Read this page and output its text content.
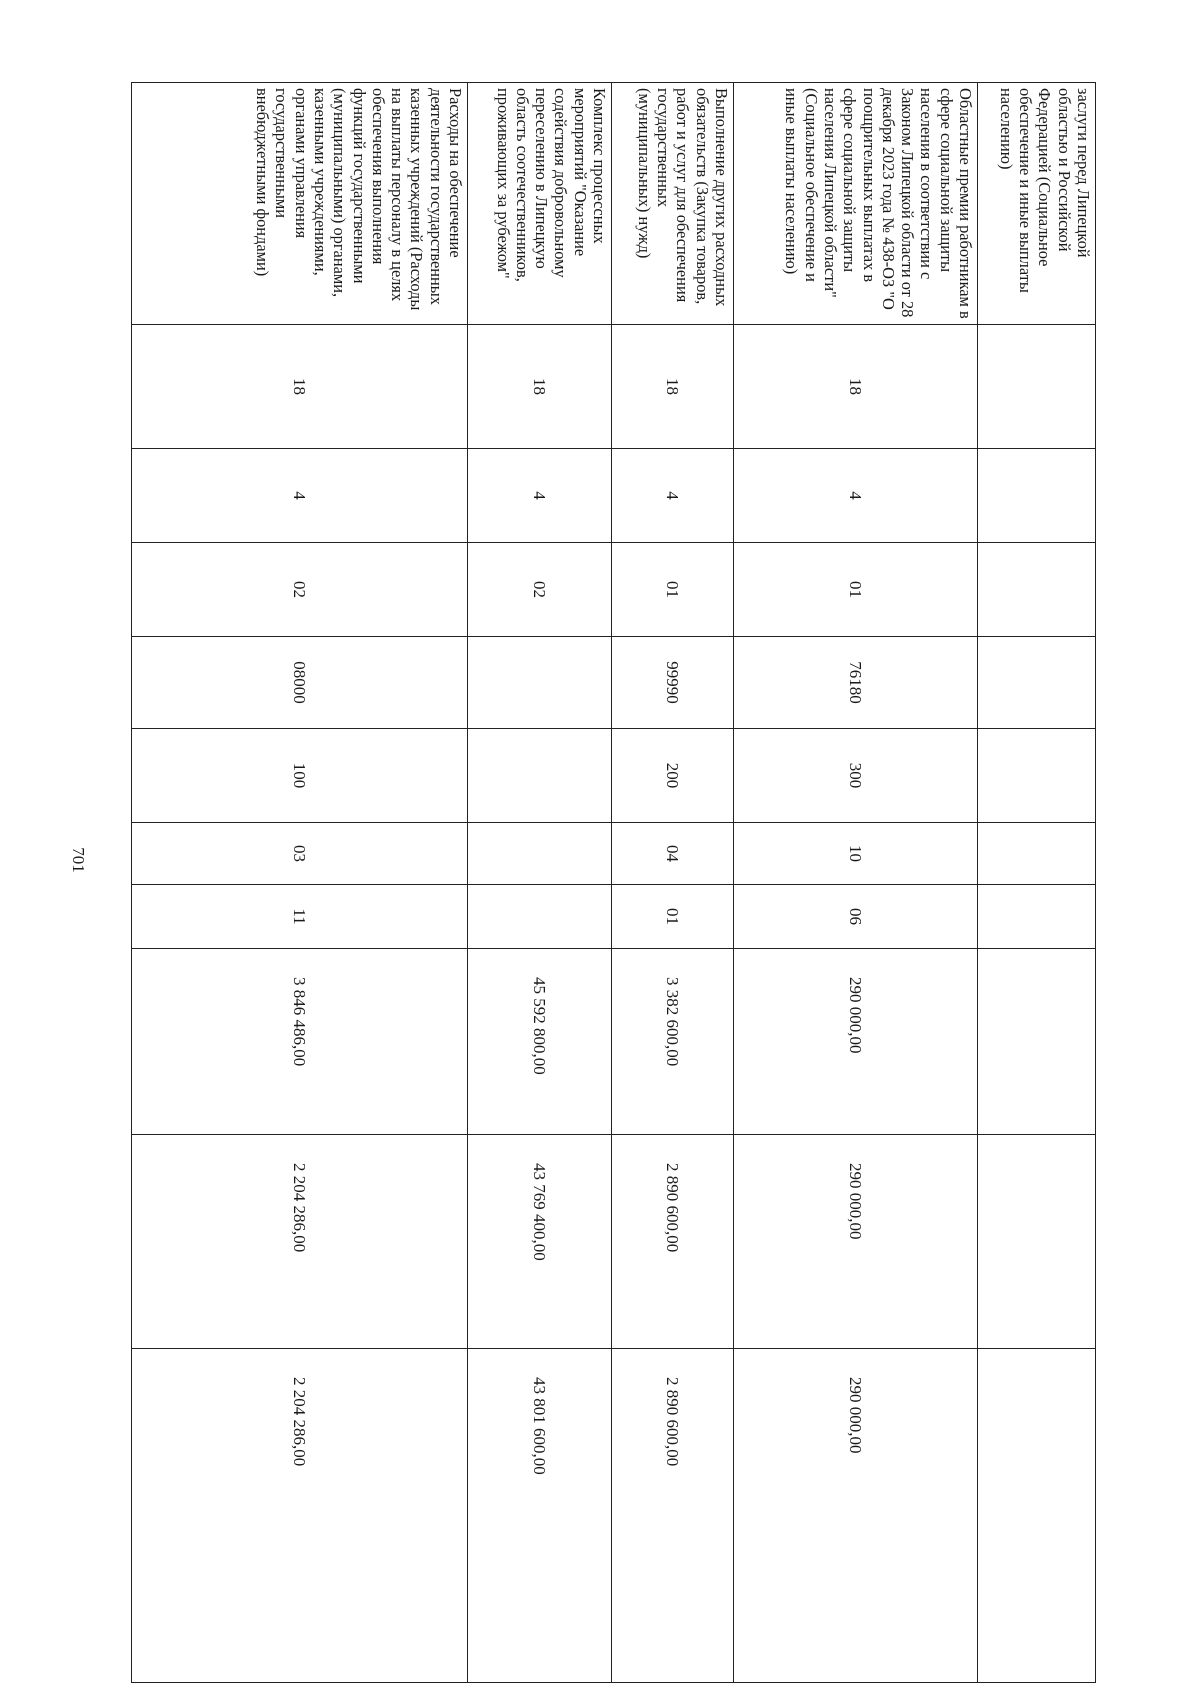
701
заслуги перед Липецкой областью и Российской Федерацией (Социальное обеспечение и иные выплаты населению)										
Областные премии работникам в сфере социальной защиты населения в соответствии с Законом Липецкой области от 28 декабря 2023 года № 438-ОЗ "О поощрительных выплатах в сфере социальной защиты населения Липецкой области" (Социальное обеспечение и иные выплаты населению)	18	4	01	76180	300	10	06	290 000,00	290 000,00	290 000,00
Выполнение других расходных обязательств (Закупка товаров, работ и услуг для обеспечения государственных (муниципальных) нужд)	18	4	01	99990	200	04	01	3 382 600,00	2 890 600,00	2 890 600,00
Комплекс процессных мероприятий "Оказание содействия добровольному переселению в Липецкую область соотечественников, проживающих за рубежом"	18	4	02					45 592 800,00	43 769 400,00	43 801 600,00
Расходы на обеспечение деятельности государственных казенных учреждений (Расходы на выплаты персоналу в целях обеспечения выполнения функций государственными (муниципальными) органами, казенными учреждениями, органами управления государственными внебюджетными фондами)	18	4	02	08000	100	03	11	3 846 486,00	2 204 286,00	2 204 286,00
